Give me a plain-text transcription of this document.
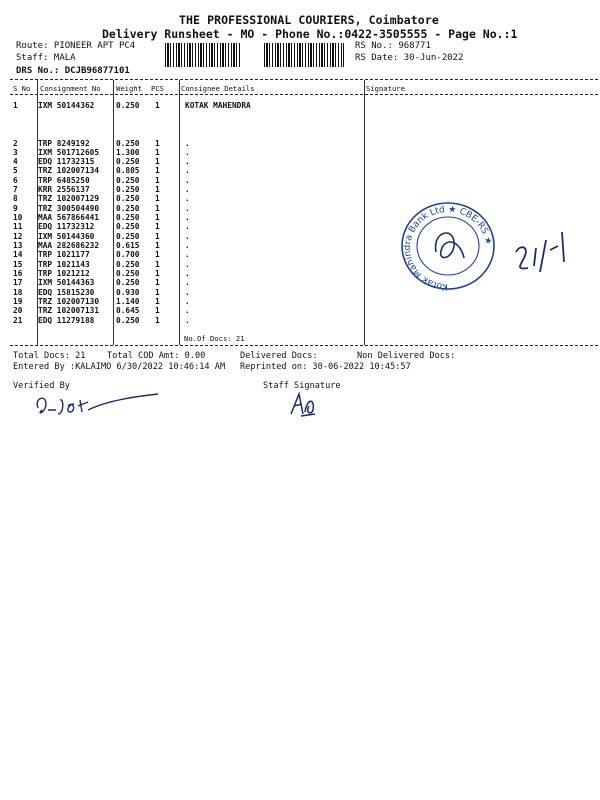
THE PROFESSIONAL COURIERS, Coimbatore
Delivery Runsheet - MO - Phone No.:0422-3505555 - Page No.:1
Route: PIONEER APT PC4
Staff: MALA
DRS No.: DCJB96877101
RS No.: 968771
RS Date: 30-Jun-2022
S No Consignment No Weight PCS Consignee Details	Signature
1	IXM 50144362	0.250 1	KOTAK MAHENDRA
2	TRP 8249192	0.250 1	.
3	IXM 501712605 1.300 1	.
4	EDQ 11732315	0.250 1	.
5	TRZ 102007134 0.805 1	.
6	TRP 6485250	0.250 1	.
7	KRR 2556137	0.250 1	.
8	TRZ 102007129 0.250 1	.
9	TRZ 300504490 0.250 1	.
10 MAA 567866441 0.250 1	.
11 EDQ 11732312	0.250 1	.
12 IXM 50144360	0.250 1	.
13 MAA 282686232 0.615 1	.
14 TRP 1021177	0.700 1	.
15 TRP 1021143	0.250 1	.
16 TRP 1021212	0.250 1	.
17 IXM 50144363	0.250 1	.
18 EDQ 15815230	0.930 1	.
19 TRZ 102007130 1.140 1	.
20 TRZ 102007131 0.645 1	.
21 EDQ 11279188	0.250 1	.
No.Of Docs: 21
Total Docs: 21	Total COD Amt: 0.00	Delivered Docs:	Non Delivered Docs:
Entered By :KALAIMO 6/30/2022 10:46:14 AM Reprinted on: 30-06-2022 10:45:57
Verified By	Staff Signature
Kotak Mahindra Bank Ltd ★ CBE-RS ★
